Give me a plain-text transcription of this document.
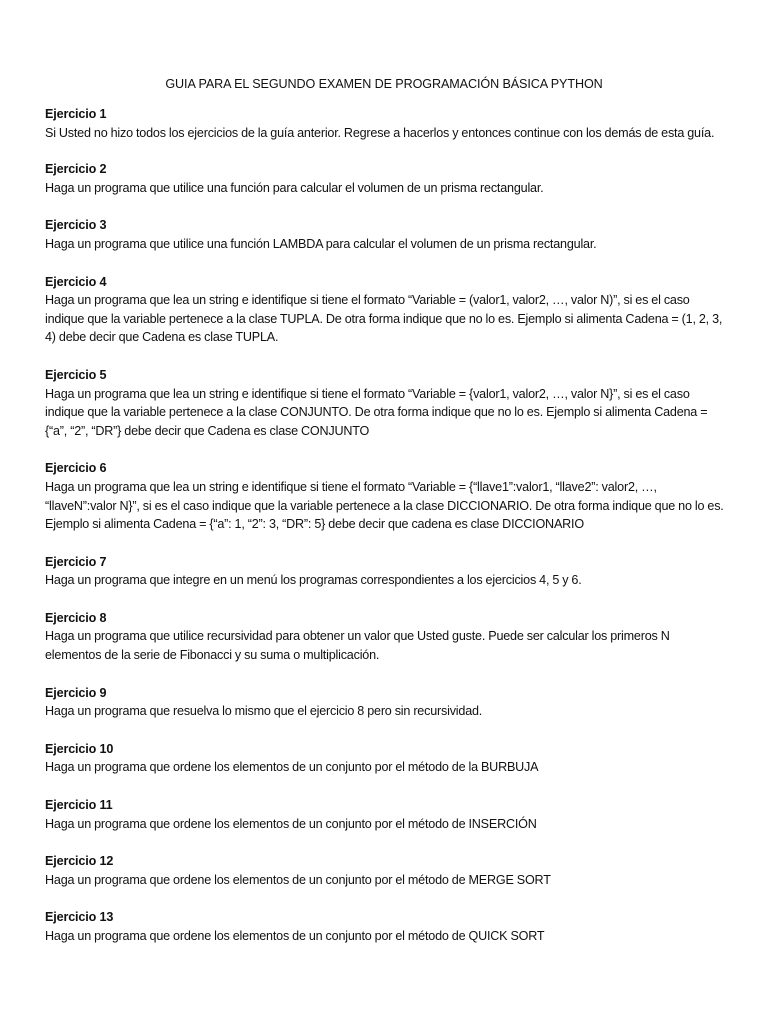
GUIA PARA EL SEGUNDO EXAMEN DE PROGRAMACIÓN BÁSICA PYTHON
Ejercicio 1
Si Usted no hizo todos los ejercicios de la guía anterior. Regrese a hacerlos y entonces continue con los demás de esta guía.
Ejercicio 2
Haga un programa que utilice una función para calcular el volumen de un prisma rectangular.
Ejercicio 3
Haga un programa que utilice una función LAMBDA para calcular el volumen de un prisma rectangular.
Ejercicio 4
Haga un programa que lea un string e identifique si tiene el formato “Variable = (valor1, valor2, …, valor N)”, si es el caso indique que la variable pertenece a la clase TUPLA. De otra forma indique que no lo es. Ejemplo si alimenta Cadena = (1, 2, 3, 4) debe decir que Cadena es clase TUPLA.
Ejercicio 5
Haga un programa que lea un string e identifique si tiene el formato “Variable = {valor1, valor2, …, valor N}”, si es el caso indique que la variable pertenece a la clase CONJUNTO. De otra forma indique que no lo es. Ejemplo si alimenta Cadena = {“a”, “2”, “DR”} debe decir que Cadena es clase CONJUNTO
Ejercicio 6
Haga un programa que lea un string e identifique si tiene el formato “Variable = {“llave1”:valor1, “llave2”: valor2, …, “llaveN”:valor N}”, si es el caso indique que la variable pertenece a la clase DICCIONARIO. De otra forma indique que no lo es. Ejemplo si alimenta Cadena = {“a”: 1, “2”: 3, “DR”: 5} debe decir que cadena es clase DICCIONARIO
Ejercicio 7
Haga un programa que integre en un menú los programas correspondientes a los ejercicios 4, 5 y 6.
Ejercicio 8
Haga un programa que utilice recursividad para obtener un valor que Usted guste. Puede ser calcular los primeros N elementos de la serie de Fibonacci y su suma o multiplicación.
Ejercicio 9
Haga un programa que resuelva lo mismo que el ejercicio 8 pero sin recursividad.
Ejercicio 10
Haga un programa que ordene los elementos de un conjunto por el método de la BURBUJA
Ejercicio 11
Haga un programa que ordene los elementos de un conjunto por el método de INSERCIÓN
Ejercicio 12
Haga un programa que ordene los elementos de un conjunto por el método de MERGE SORT
Ejercicio 13
Haga un programa que ordene los elementos de un conjunto por el método de QUICK SORT
